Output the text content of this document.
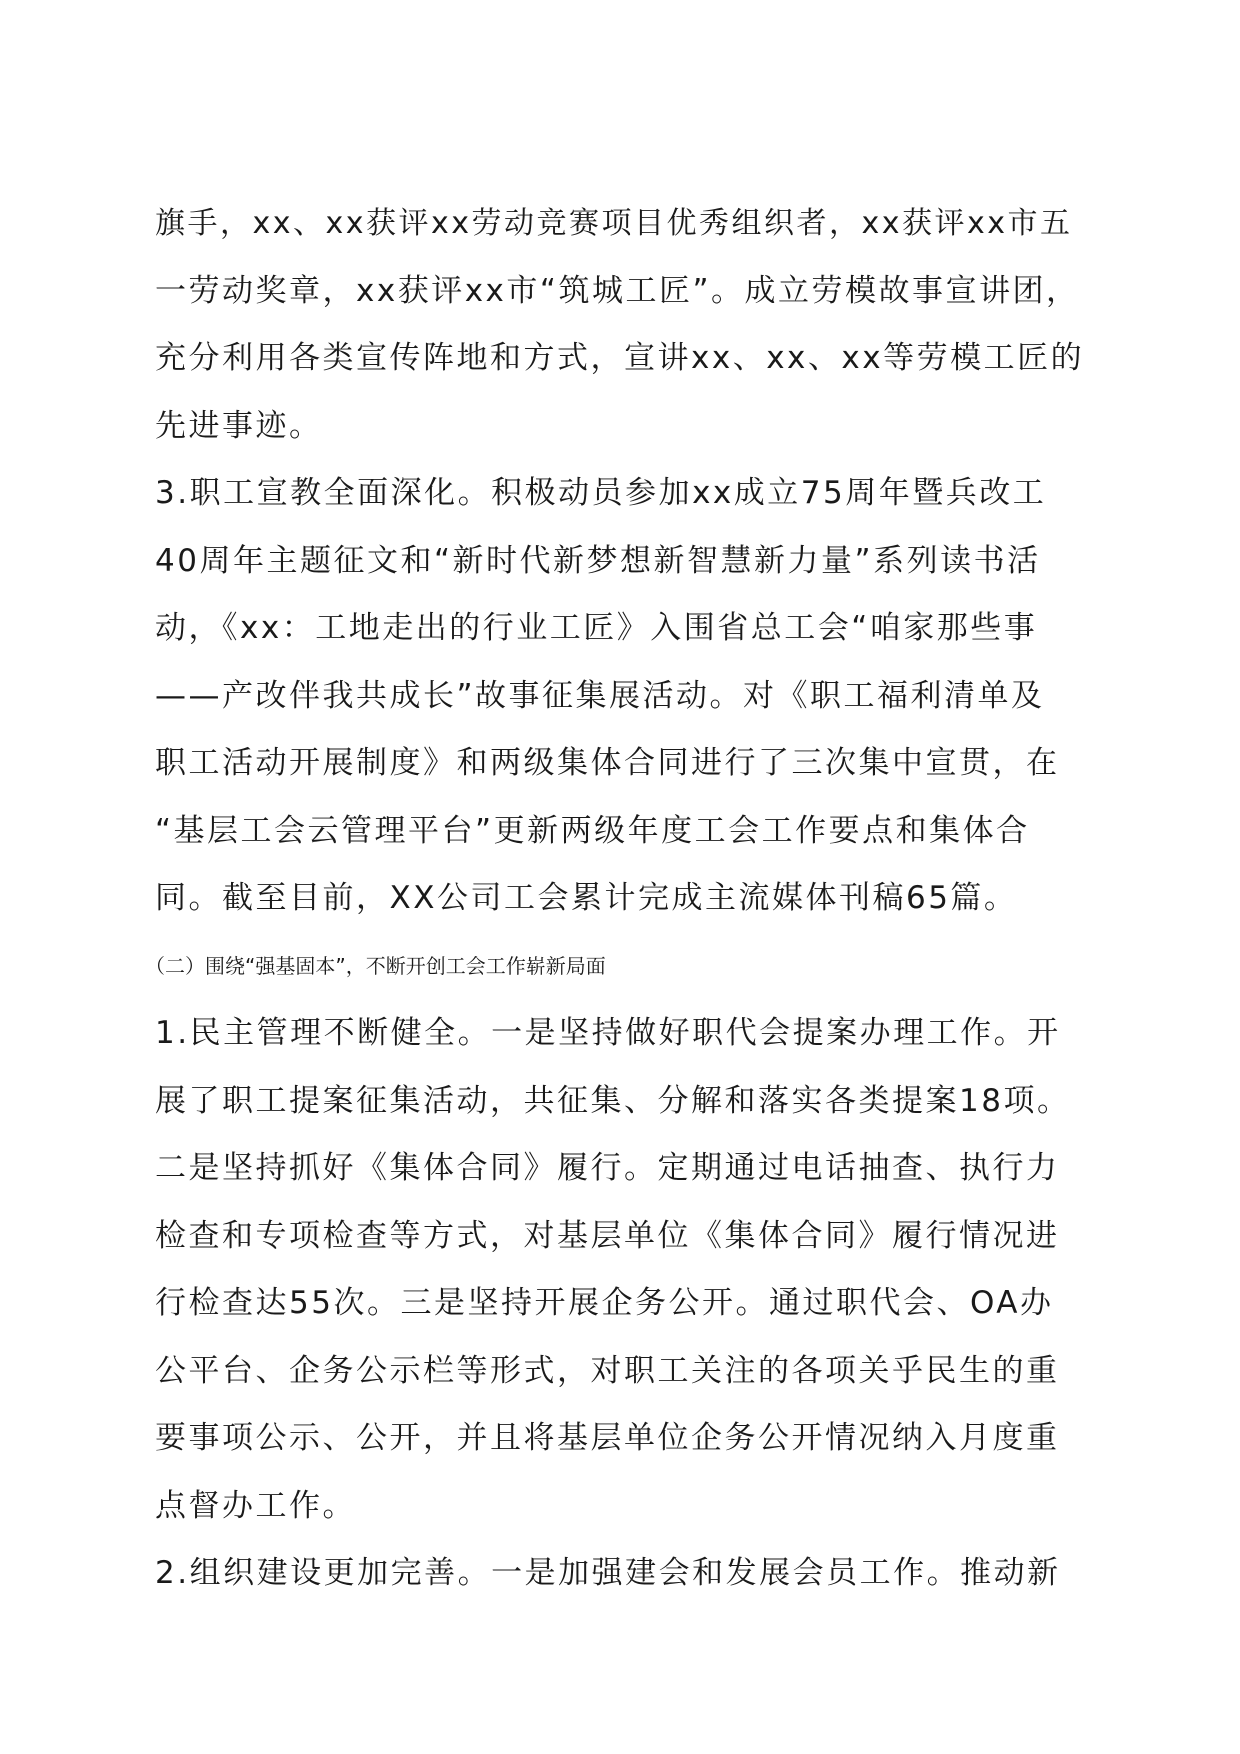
旗手，xx、xx获评xx劳动竞赛项目优秀组织者，xx获评xx市五
一劳动奖章，xx获评xx市“筑城工匠”。成立劳模故事宣讲团，
充分利用各类宣传阵地和方式，宣讲xx、xx、xx等劳模工匠的
先进事迹。
3.职工宣教全面深化。积极动员参加xx成立75周年暨兵改工
40周年主题征文和“新时代新梦想新智慧新力量”系列读书活
动，《xx：工地走出的行业工匠》入围省总工会“咱家那些事
——产改伴我共成长”故事征集展活动。对《职工福利清单及
职工活动开展制度》和两级集体合同进行了三次集中宣贯，在
“基层工会云管理平台”更新两级年度工会工作要点和集体合
同。截至目前，XX公司工会累计完成主流媒体刊稿65篇。
（二）围绕“强基固本”，不断开创工会工作崭新局面
1.民主管理不断健全。一是坚持做好职代会提案办理工作。开
展了职工提案征集活动，共征集、分解和落实各类提案18项。
二是坚持抓好《集体合同》履行。定期通过电话抽查、执行力
检查和专项检查等方式，对基层单位《集体合同》履行情况进
行检查达55次。三是坚持开展企务公开。通过职代会、OA办
公平台、企务公示栏等形式，对职工关注的各项关乎民生的重
要事项公示、公开，并且将基层单位企务公开情况纳入月度重
点督办工作。
2.组织建设更加完善。一是加强建会和发展会员工作。推动新
